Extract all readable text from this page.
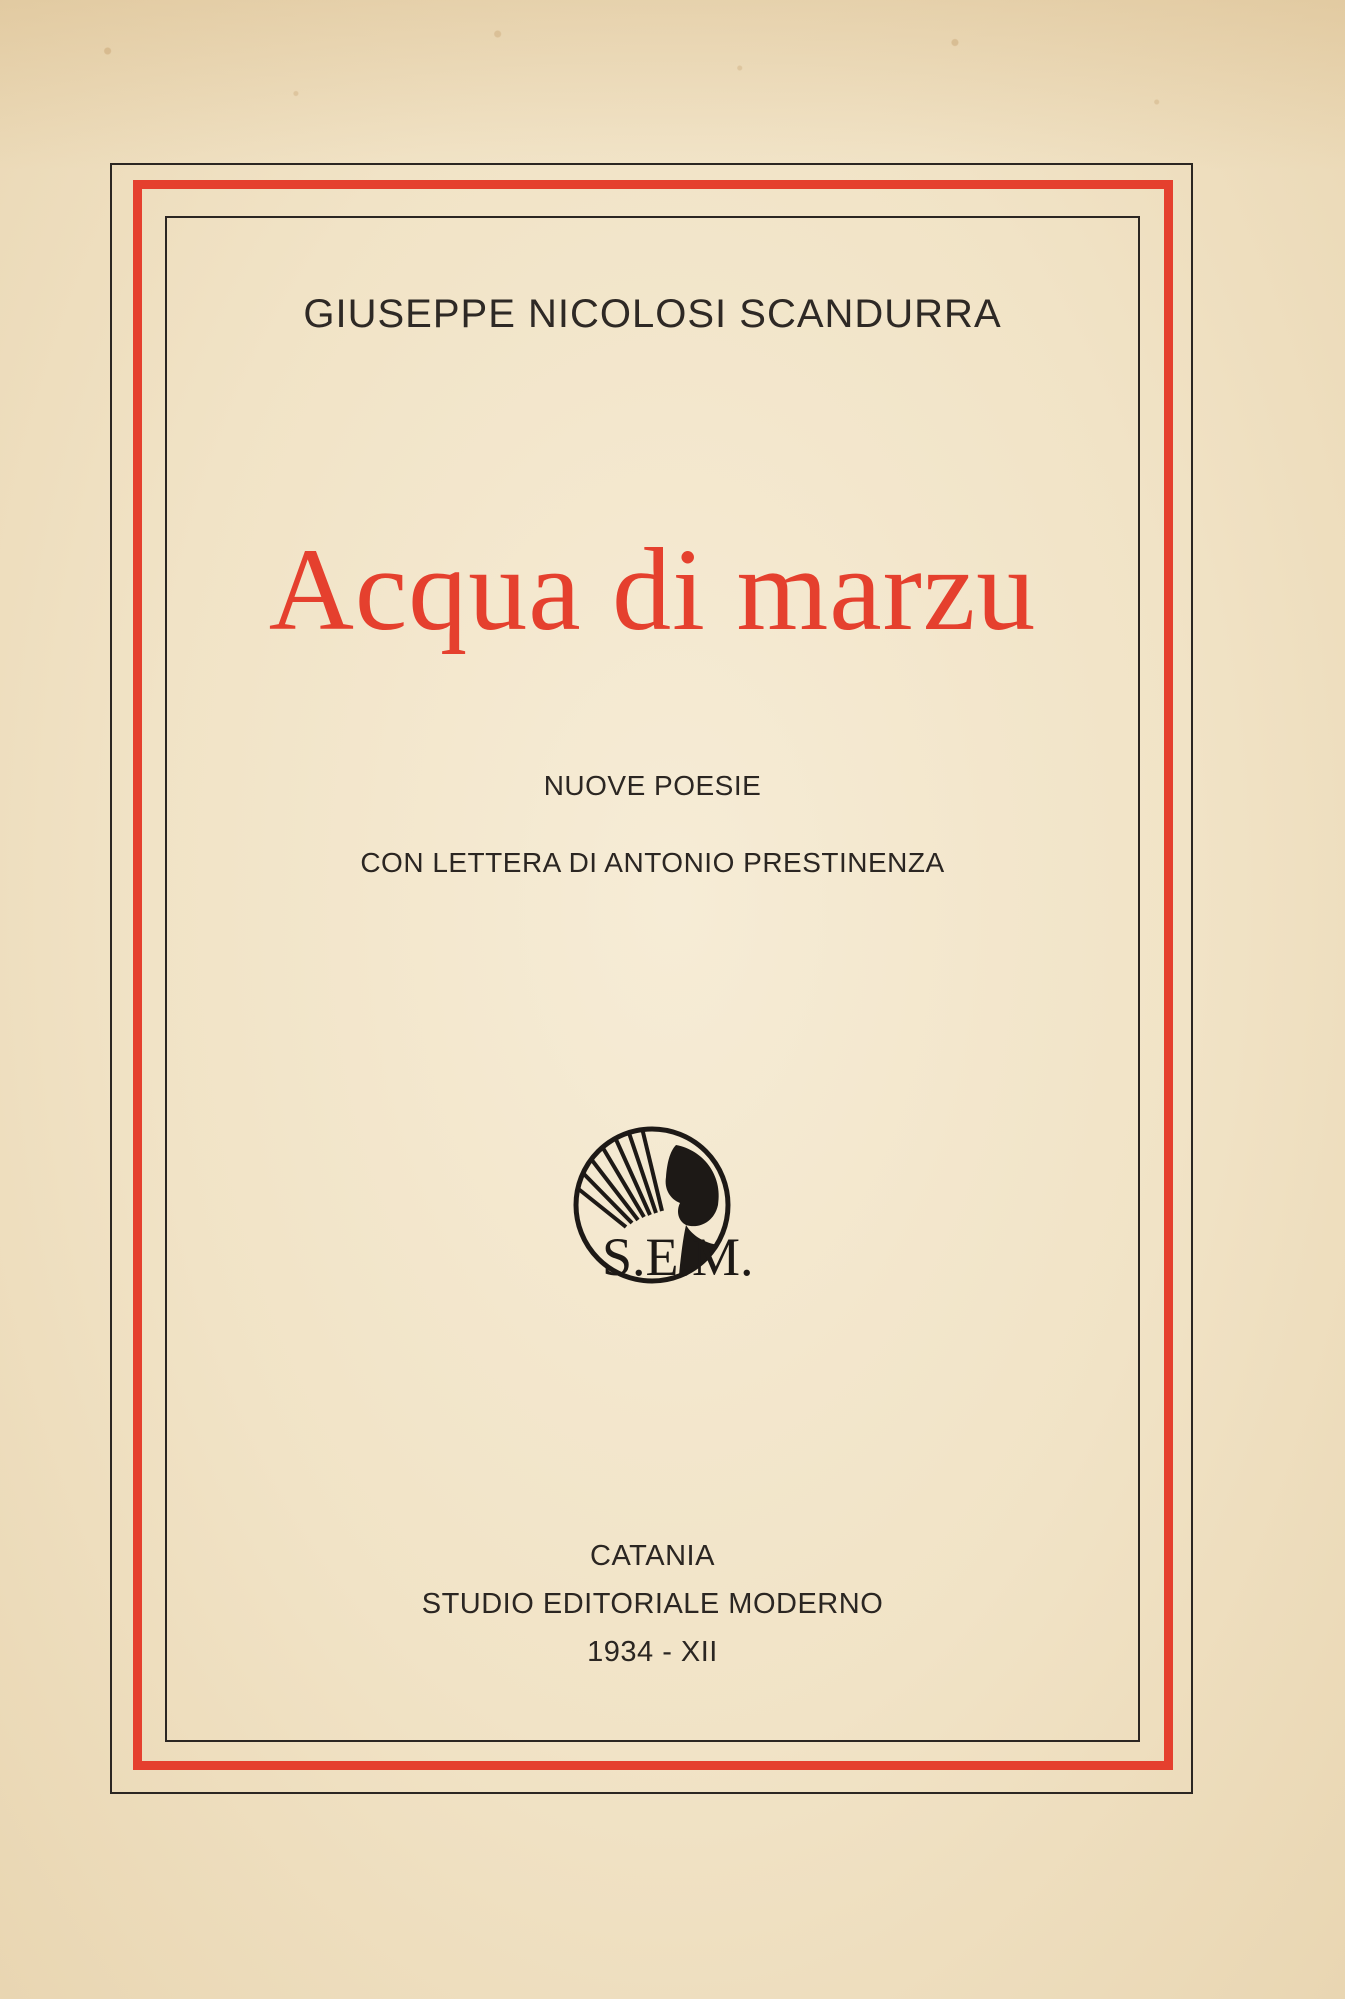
GIUSEPPE NICOLOSI SCANDURRA
Acqua di marzu
NUOVE POESIE
CON LETTERA DI ANTONIO PRESTINENZA
S.E.M.
CATANIA
STUDIO EDITORIALE MODERNO
1934 - XII
